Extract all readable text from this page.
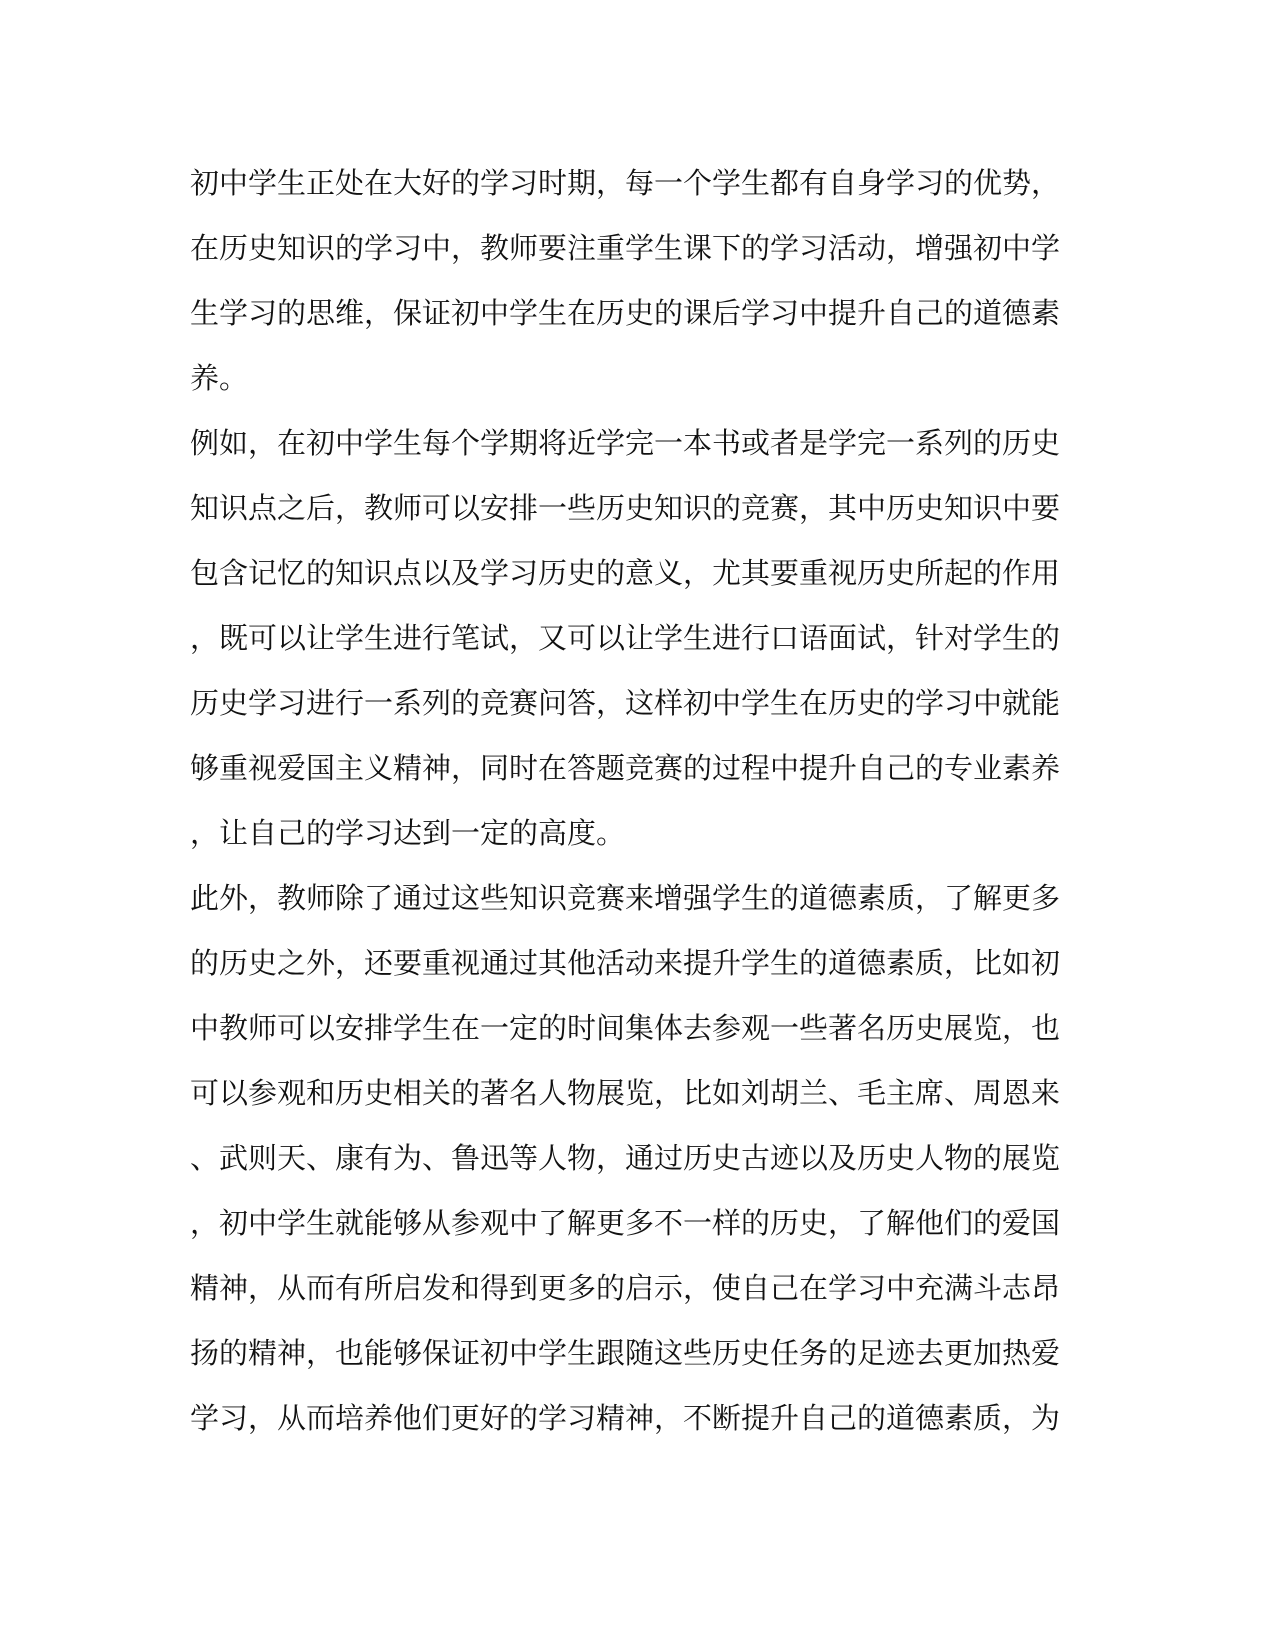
初中学生正处在大好的学习时期，每一个学生都有自身学习的优势，
在历史知识的学习中，教师要注重学生课下的学习活动，增强初中学
生学习的思维，保证初中学生在历史的课后学习中提升自己的道德素
养。
例如，在初中学生每个学期将近学完一本书或者是学完一系列的历史
知识点之后，教师可以安排一些历史知识的竞赛，其中历史知识中要
包含记忆的知识点以及学习历史的意义，尤其要重视历史所起的作用
，既可以让学生进行笔试，又可以让学生进行口语面试，针对学生的
历史学习进行一系列的竞赛问答，这样初中学生在历史的学习中就能
够重视爱国主义精神，同时在答题竞赛的过程中提升自己的专业素养
，让自己的学习达到一定的高度。
此外，教师除了通过这些知识竞赛来增强学生的道德素质，了解更多
的历史之外，还要重视通过其他活动来提升学生的道德素质，比如初
中教师可以安排学生在一定的时间集体去参观一些著名历史展览，也
可以参观和历史相关的著名人物展览，比如刘胡兰、毛主席、周恩来
、武则天、康有为、鲁迅等人物，通过历史古迹以及历史人物的展览
，初中学生就能够从参观中了解更多不一样的历史，了解他们的爱国
精神，从而有所启发和得到更多的启示，使自己在学习中充满斗志昂
扬的精神，也能够保证初中学生跟随这些历史任务的足迹去更加热爱
学习，从而培养他们更好的学习精神，不断提升自己的道德素质，为
